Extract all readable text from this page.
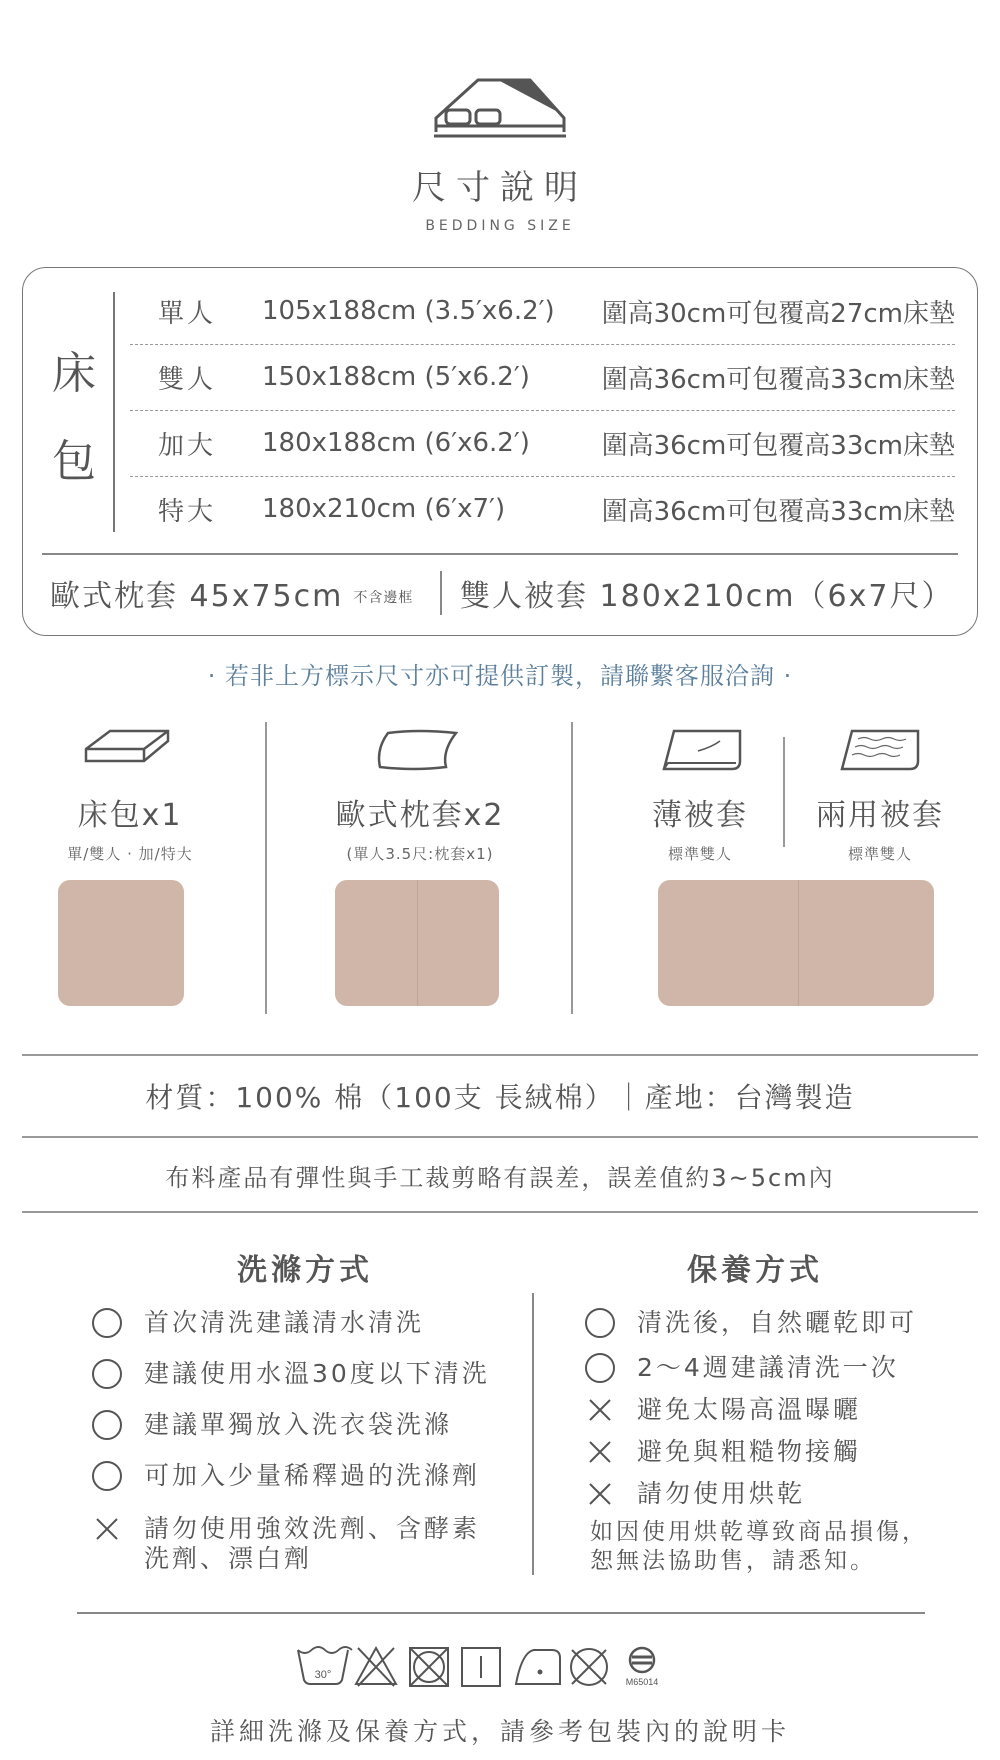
尺寸說明
BEDDING SIZE
床
包
單人	105x188cm (3.5′x6.2′) 圍高30cm可包覆高27cm床墊
雙人	150x188cm (5′x6.2′)	圍高36cm可包覆高33cm床墊
加大	180x188cm (6′x6.2′)	圍高36cm可包覆高33cm床墊
特大	180x210cm (6′x7′)	圍高36cm可包覆高33cm床墊
歐式枕套 45x75cm 不含邊框 雙人被套 180x210cm（6x7尺）
· 若非上方標示尺寸亦可提供訂製，請聯繫客服洽詢 ·
床包x1
單/雙人 · 加/特大
歐式枕套x2
(單人3.5尺:枕套x1)
薄被套
標準雙人
兩用被套
標準雙人
材質：100% 棉（100支 長絨棉）｜產地：台灣製造
布料產品有彈性與手工裁剪略有誤差，誤差值約3~5cm內
洗滌方式	保養方式
首次清洗建議清水清洗
建議使用水溫30度以下清洗
建議單獨放入洗衣袋洗滌
可加入少量稀釋過的洗滌劑
請勿使用強效洗劑、含酵素
洗劑、漂白劑
清洗後，自然曬乾即可
2～4週建議清洗一次
避免太陽高溫曝曬
避免與粗糙物接觸
請勿使用烘乾
如因使用烘乾導致商品損傷，
恕無法協助售，請悉知。
30°
M65014
詳細洗滌及保養方式，請參考包裝內的說明卡
